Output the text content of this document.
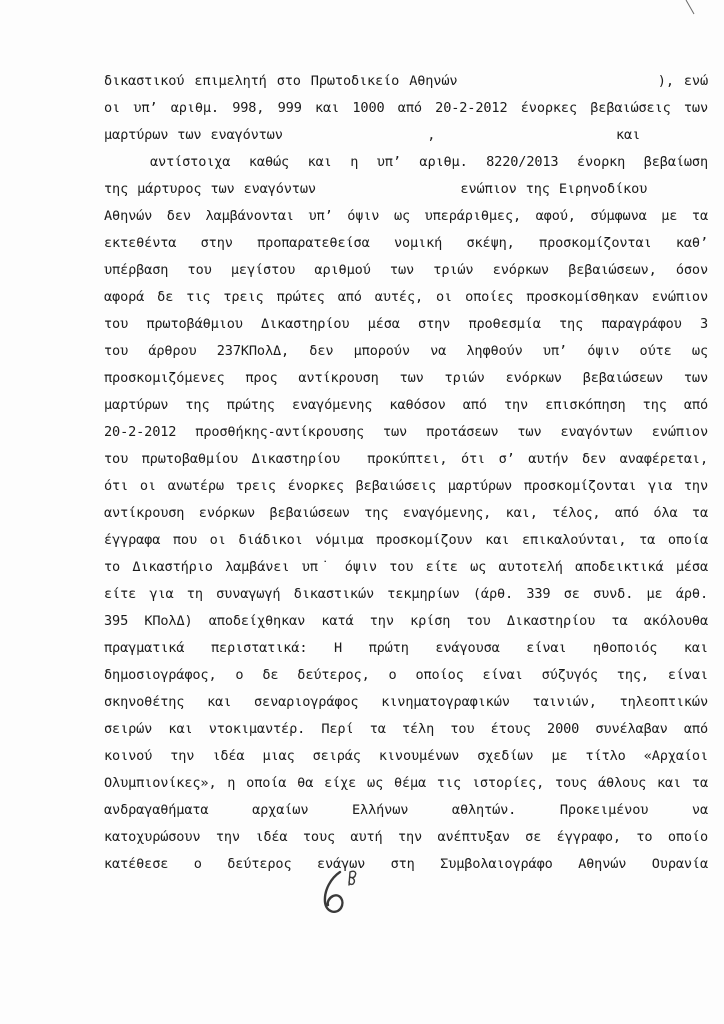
δικαστικού επιμελητή στο Πρωτοδικείο Αθηνών                    ), ενώ
οι υπ’ αριθμ. 998, 999 και 1000 από 20-2-2012 ένορκες βεβαιώσεις των
μαρτύρων των εναγόντων                ,                    και
αντίστοιχα καθώς και η υπ’ αριθμ. 8220/2013 ένορκη βεβαίωση
της μάρτυρος των εναγόντων                ενώπιον της Ειρηνοδίκου
Αθηνών δεν λαμβάνονται υπ’ όψιν ως υπεράριθμες, αφού, σύμφωνα με τα
εκτεθέντα στην προπαρατεθείσα νομική σκέψη, προσκομίζονται καθ’
υπέρβαση του μεγίστου αριθμού των τριών ενόρκων βεβαιώσεων, όσον
αφορά δε τις τρεις πρώτες από αυτές, οι οποίες προσκομίσθηκαν ενώπιον
του πρωτοβάθμιου Δικαστηρίου μέσα στην προθεσμία της παραγράφου 3
του άρθρου 237ΚΠολΔ, δεν μπορούν να ληφθούν υπ’ όψιν ούτε ως
προσκομιζόμενες προς αντίκρουση των τριών ενόρκων βεβαιώσεων των
μαρτύρων της πρώτης εναγόμενης καθόσον από την επισκόπηση της από
20-2-2012 προσθήκης-αντίκρουσης των προτάσεων των εναγόντων ενώπιον
του πρωτοβαθμίου Δικαστηρίου  προκύπτει, ότι σ’ αυτήν δεν αναφέρεται,
ότι οι ανωτέρω τρεις ένορκες βεβαιώσεις μαρτύρων προσκομίζονται για την
αντίκρουση ενόρκων βεβαιώσεων της εναγόμενης, και, τέλος, από όλα τα
έγγραφα που οι διάδικοι νόμιμα προσκομίζουν και επικαλούνται, τα οποία
το Δικαστήριο λαμβάνει υπ˙ όψιν του είτε ως αυτοτελή αποδεικτικά μέσα
είτε για τη συναγωγή δικαστικών τεκμηρίων (άρθ. 339 σε συνδ. με άρθ.
395 ΚΠολΔ) αποδείχθηκαν κατά την κρίση του Δικαστηρίου τα ακόλουθα
πραγματικά περιστατικά: Η πρώτη ενάγουσα είναι ηθοποιός και
δημοσιογράφος, ο δε δεύτερος, ο οποίος είναι σύζυγός της, είναι
σκηνοθέτης και σεναριογράφος κινηματογραφικών ταινιών, τηλεοπτικών
σειρών και ντοκιμαντέρ. Περί τα τέλη του έτους 2000 συνέλαβαν από
κοινού την ιδέα μιας σειράς κινουμένων σχεδίων με τίτλο «Αρχαίοι
Ολυμπιονίκες», η οποία θα είχε ως θέμα τις ιστορίες, τους άθλους και τα
ανδραγαθήματα αρχαίων Ελλήνων αθλητών. Προκειμένου να
κατοχυρώσουν την ιδέα τους αυτή την ανέπτυξαν σε έγγραφο, το οποίο
κατέθεσε ο δεύτερος ενάγων στη Συμβολαιογράφο Αθηνών Ουρανία
